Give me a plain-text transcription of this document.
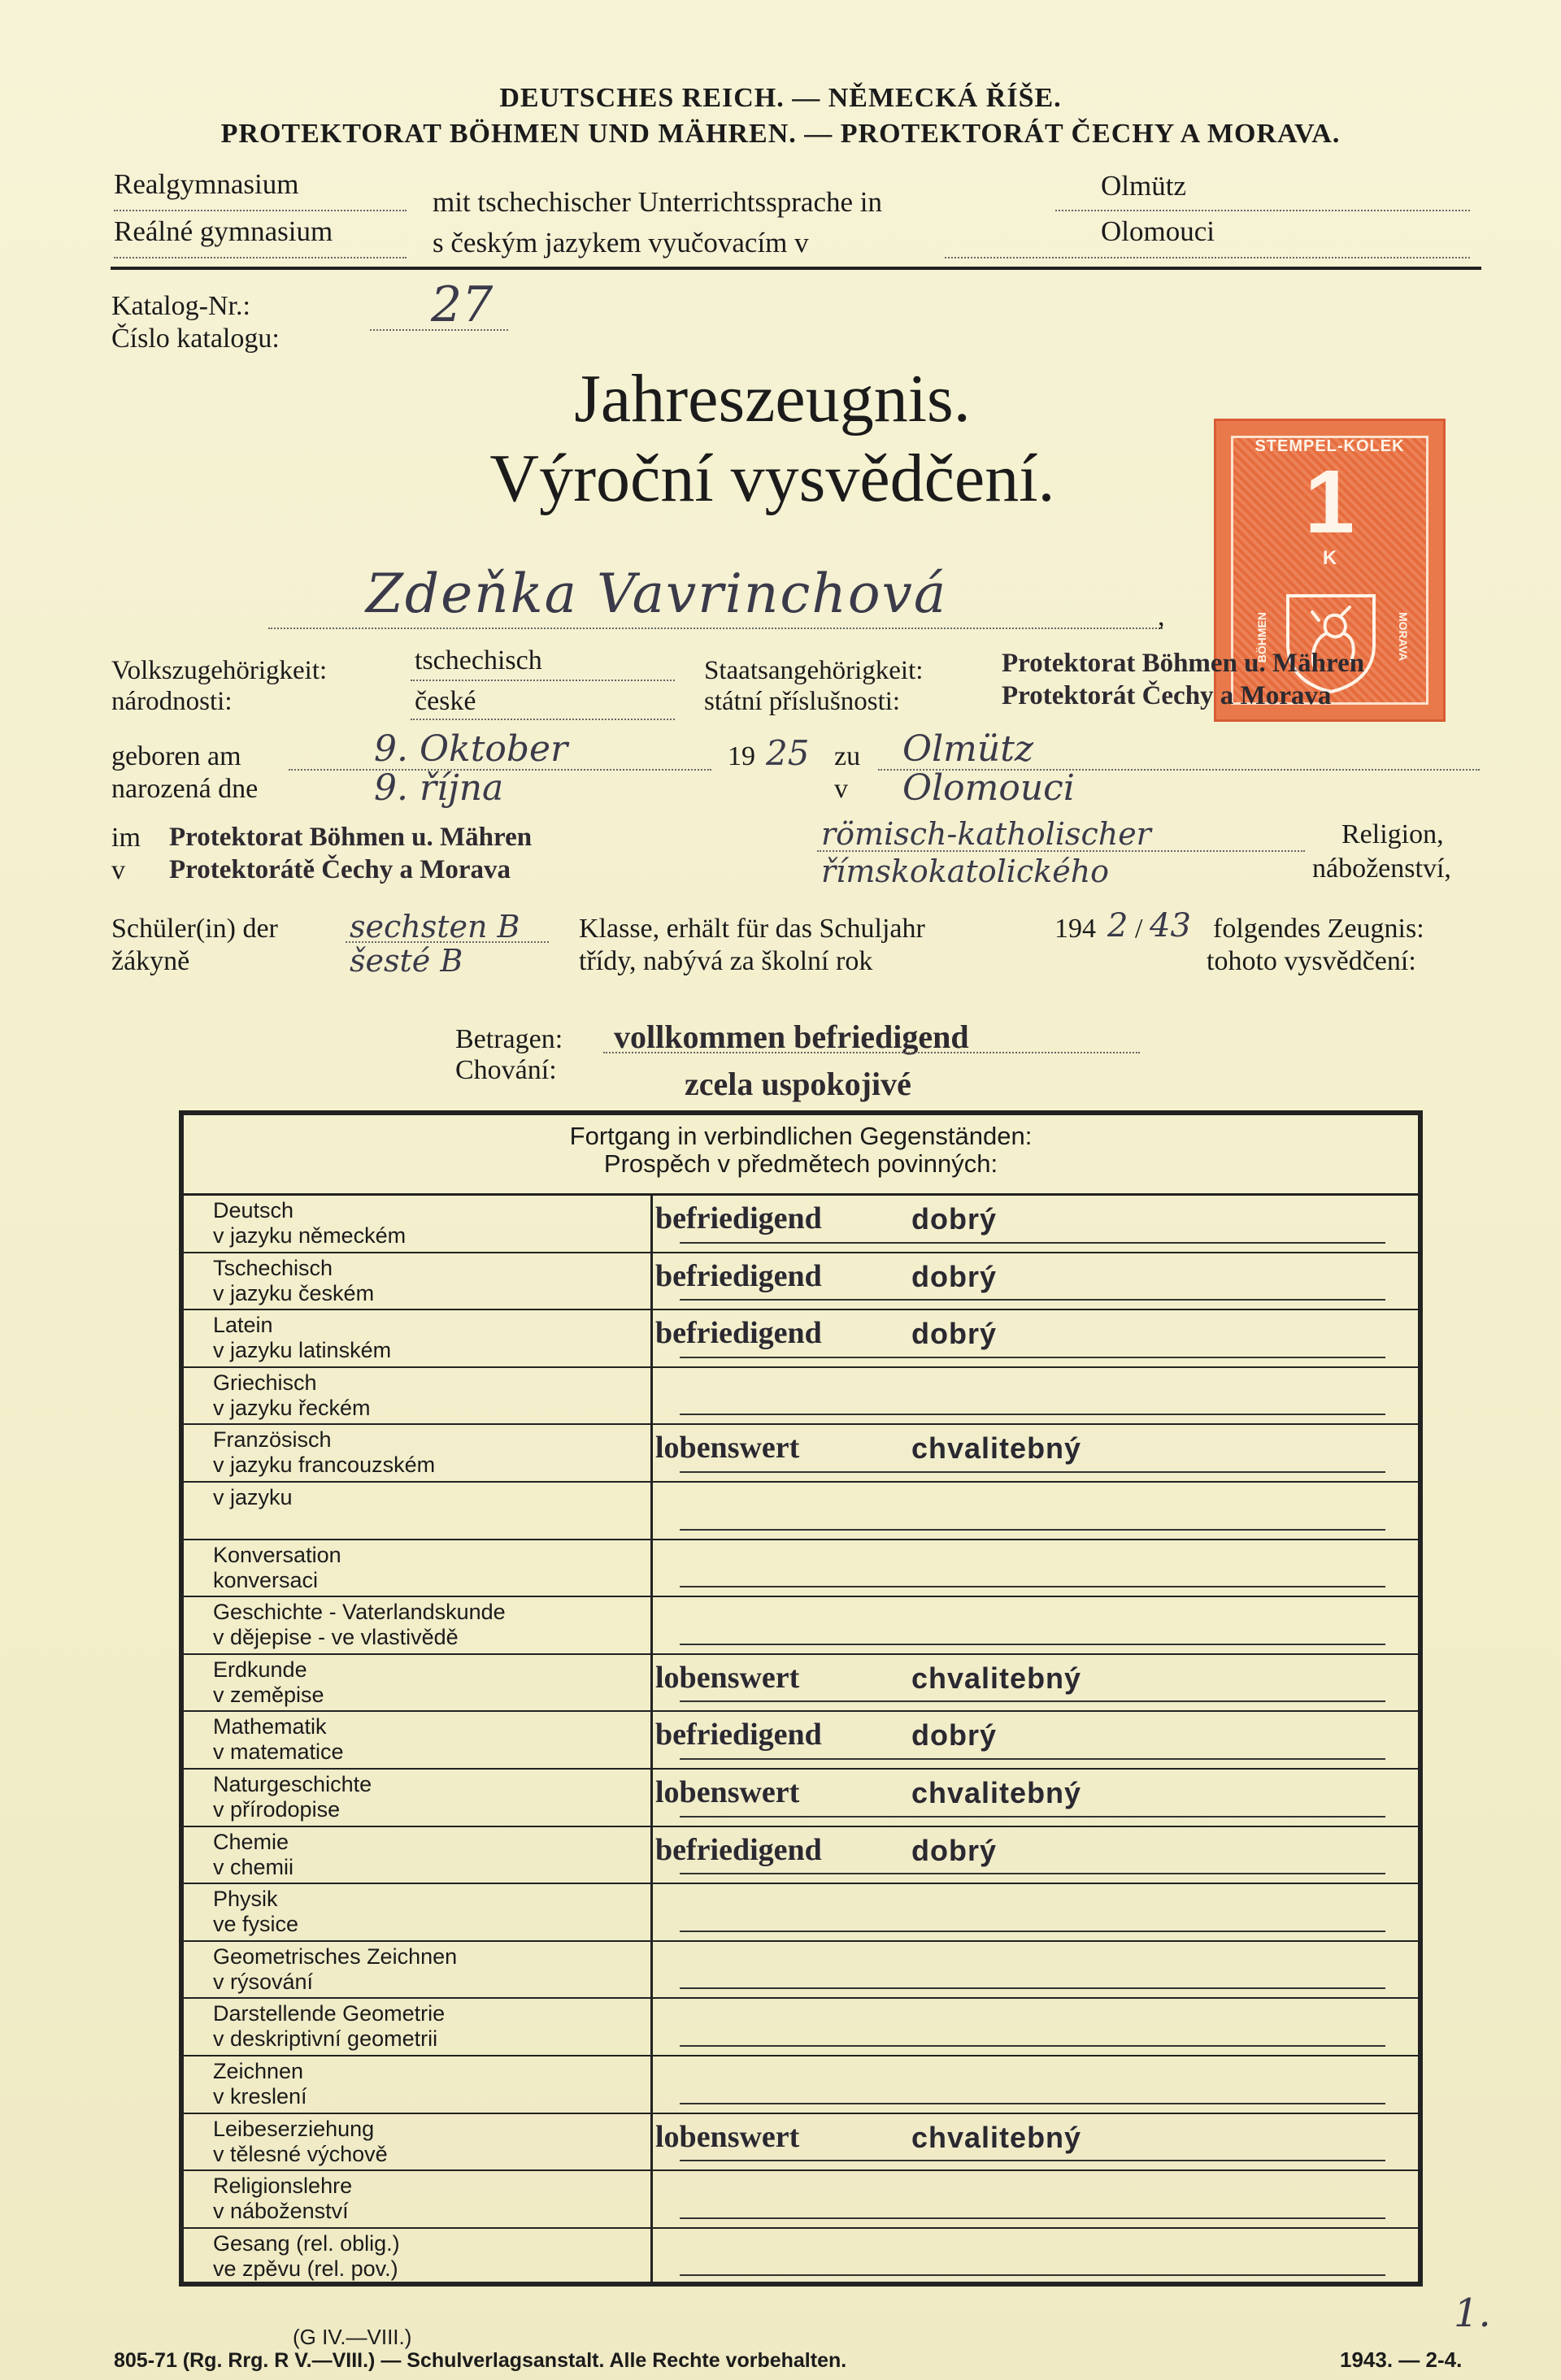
DEUTSCHES REICH. — NĚMECKÁ ŘÍŠE.
PROTEKTORAT BÖHMEN UND MÄHREN. — PROTEKTORÁT ČECHY A MORAVA.
Realgymnasium
Reálné gymnasium
mit tschechischer Unterrichtssprache in
s českým jazykem vyučovacím v
Olmütz
Olomouci
Katalog-Nr.:
Číslo katalogu:
27
Jahreszeugnis.
Výroční vysvědčení.	STEMPEL-KOLEK
1
K
BÖHMEN	MORAVA
Zdeňka Vavrinchová	,
Volkszugehörigkeit:
národnosti:
tschechisch
české
Staatsangehörigkeit:
státní příslušnosti:
Protektorat Böhmen u. Mähren
Protektorát Čechy a Morava
geboren am
narozená dne
9. Oktober
9. října
19 25 zu
v
Olmütz
Olomouci
im
v
Protektorat Böhmen u. Mähren
Protektorátě Čechy a Morava
römisch-katholischer
římskokatolického
Religion,
náboženství,
Schüler(in) der
žákyně
sechsten B
šesté B
Klasse, erhält für das Schuljahr
třídy, nabývá za školní rok
194 2 / 43 folgendes Zeugnis:
tohoto vysvědčení:
Betragen:
Chování:
vollkommen befriedigend
zcela uspokojivé
Fortgang in verbindlichen Gegenständen:
Prospěch v předmětech povinných:
Deutsch
v jazyku německém	befriedigend	dobrý
Tschechisch
v jazyku českém	befriedigend	dobrý
Latein
v jazyku latinském	befriedigend	dobrý
Griechisch
v jazyku řeckém
Französisch
v jazyku francouzském	lobenswert	chvalitebný
v jazyku
Konversation
konversaci
Geschichte - Vaterlandskunde
v dějepise - ve vlastivědě
Erdkunde
v zeměpise	lobenswert	chvalitebný
Mathematik
v matematice	befriedigend	dobrý
Naturgeschichte
v přírodopise	lobenswert	chvalitebný
Chemie
v chemii	befriedigend	dobrý
Physik
ve fysice
Geometrisches Zeichnen
v rýsování
Darstellende Geometrie
v deskriptivní geometrii
Zeichnen
v kreslení
Leibeserziehung
v tělesné výchově	lobenswert	chvalitebný
Religionslehre
v náboženství
Gesang (rel. oblig.)
ve zpěvu (rel. pov.)
(G IV.—VIII.)
805-71 (Rg. Rrg. R V.—VIII.) — Schulverlagsanstalt. Alle Rechte vorbehalten.
1.
1943. — 2-4.
